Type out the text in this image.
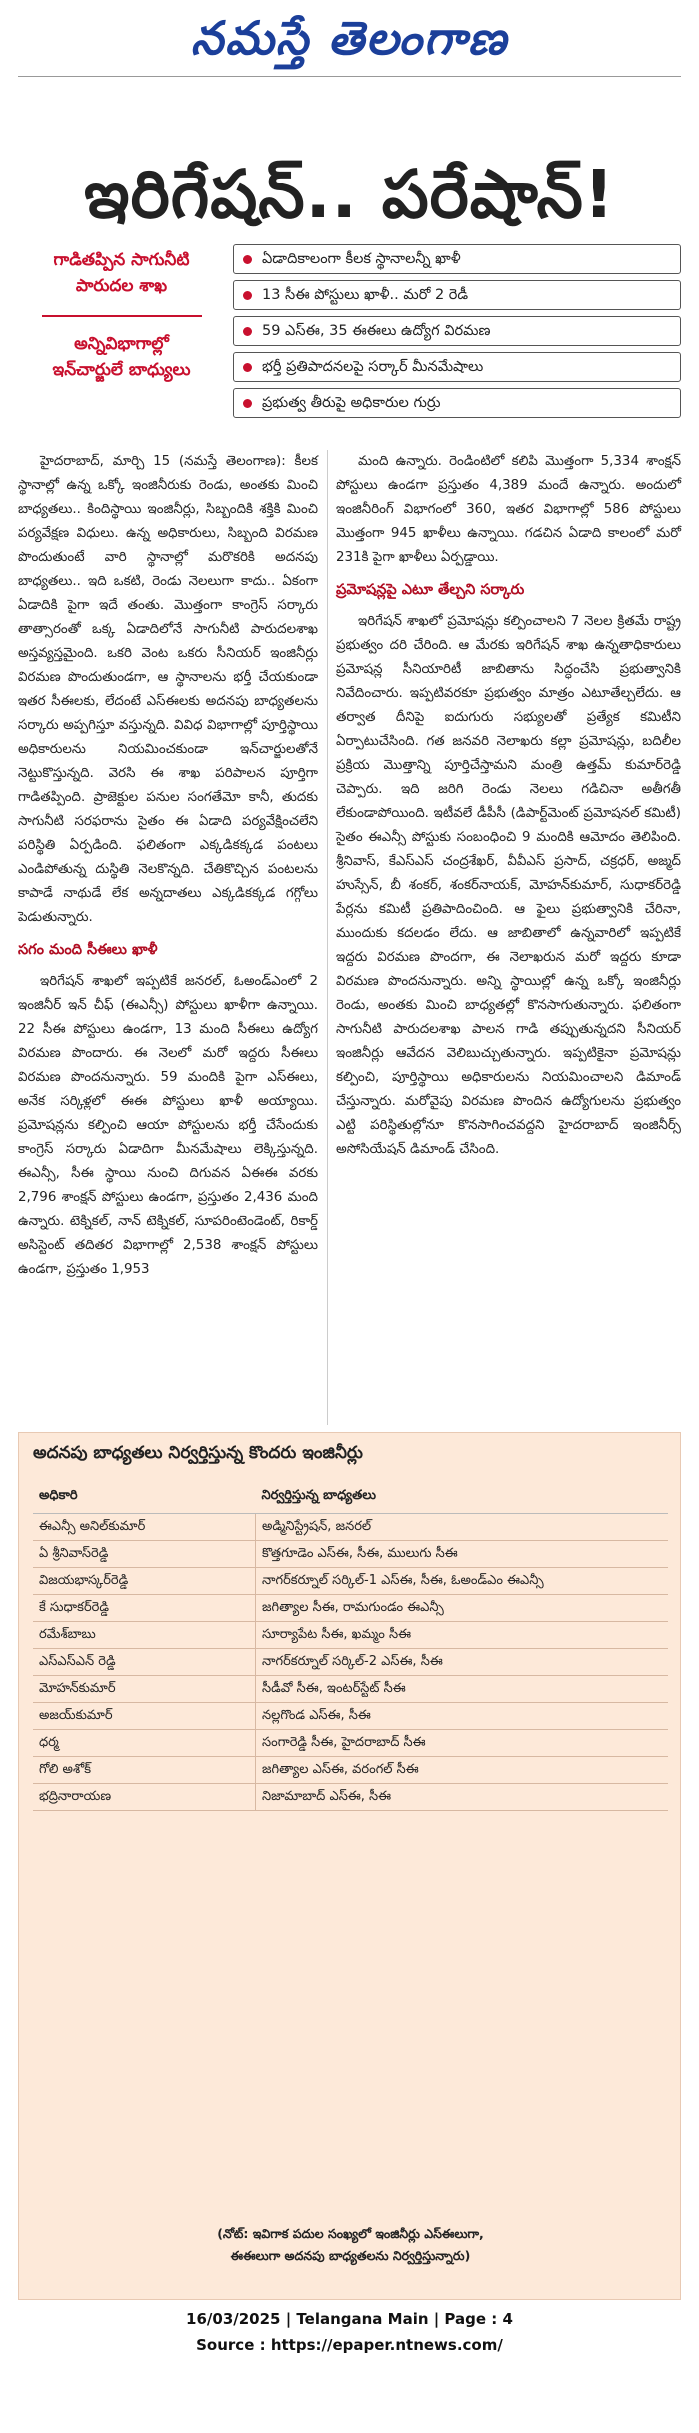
నమస్తే తెలంగాణ
ఇరిగేషన్.. పరేషాన్!
గాడితప్పిన సాగునీటి
పారుదల శాఖ
అన్నివిభాగాల్లో
ఇన్‌చార్జులే బాధ్యులు
ఏడాదికాలంగా కీలక స్థానాలన్నీ ఖాళీ
13 సీఈ పోస్టులు ఖాళీ.. మరో 2 రెడీ
59 ఎస్ఈ, 35 ఈఈలు ఉద్యోగ విరమణ
భర్తీ ప్రతిపాదనలపై సర్కార్ మీనమేషాలు
ప్రభుత్వ తీరుపై అధికారుల గుర్రు

హైదరాబాద్, మార్చి 15 (నమస్తే తెలంగాణ): కీలక స్థానాల్లో ఉన్న ఒక్కో ఇంజినీరుకు రెండు, అంతకు మించి బాధ్యతలు.. కిందిస్థాయి ఇంజినీర్లు, సిబ్బందికి శక్తికి మించి పర్యవేక్షణ విధులు. ఉన్న అధికారులు, సిబ్బంది విరమణ పొందుతుంటే వారి స్థానాల్లో మరొకరికి అదనపు బాధ్యతలు.. ఇది ఒకటి, రెండు నెలలుగా కాదు.. ఏకంగా ఏడాదికి పైగా ఇదే తంతు. మొత్తంగా కాంగ్రెస్ సర్కారు తాత్సారంతో ఒక్క ఏడాదిలోనే సాగునీటి పారుదలశాఖ అస్తవ్యస్తమైంది. ఒకరి వెంట ఒకరు సీనియర్ ఇంజినీర్లు విరమణ పొందుతుండగా, ఆ స్థానాలను భర్తీ చేయకుండా ఇతర సీఈలకు, లేదంటే ఎస్ఈలకు అదనపు బాధ్యతలను సర్కారు అప్పగిస్తూ వస్తున్నది. వివిధ విభాగాల్లో పూర్తిస్థాయి అధికారులను నియమించకుండా ఇన్‌చార్జులతోనే నెట్టుకొస్తున్నది. వెరసి ఈ శాఖ పరిపాలన పూర్తిగా గాడితప్పింది. ప్రాజెక్టుల పనుల సంగతేమో కానీ, తుదకు సాగునీటి సరఫరాను సైతం ఈ ఏడాది పర్యవేక్షించలేని పరిస్థితి ఏర్పడింది. ఫలితంగా ఎక్కడికక్కడ పంటలు ఎండిపోతున్న దుస్థితి నెలకొన్నది. చేతికొచ్చిన పంటలను కాపాడే నాథుడే లేక అన్నదాతలు ఎక్కడికక్కడ గగ్గోలు పెడుతున్నారు.

సగం మంది సీఈలు ఖాళీ

ఇరిగేషన్ శాఖలో ఇప్పటికే జనరల్, ఓఅండ్ఎంలో 2 ఇంజినీర్ ఇన్ చీఫ్ (ఈఎన్సీ) పోస్టులు ఖాళీగా ఉన్నాయి. 22 సీఈ పోస్టులు ఉండగా, 13 మంది సీఈలు ఉద్యోగ విరమణ పొందారు. ఈ నెలలో మరో ఇద్దరు సీఈలు విరమణ పొందనున్నారు. 59 మందికి పైగా ఎస్ఈలు, అనేక సర్కిళ్లలో ఈఈ పోస్టులు ఖాళీ అయ్యాయి. ప్రమోషన్లను కల్పించి ఆయా పోస్టులను భర్తీ చేసేందుకు కాంగ్రెస్ సర్కారు ఏడాదిగా మీనమేషాలు లెక్కిస్తున్నది. ఈఎన్సీ, సీఈ స్థాయి నుంచి దిగువన ఏఈఈ వరకు 2,796 శాంక్షన్ పోస్టులు ఉండగా, ప్రస్తుతం 2,436 మంది ఉన్నారు. టెక్నికల్, నాన్ టెక్నికల్, సూపరింటెండెంట్, రికార్డ్ అసిస్టెంట్ తదితర విభాగాల్లో 2,538 శాంక్షన్ పోస్టులు ఉండగా, ప్రస్తుతం 1,953

మంది ఉన్నారు. రెండింటిలో కలిపి మొత్తంగా 5,334 శాంక్షన్ పోస్టులు ఉండగా ప్రస్తుతం 4,389 మందే ఉన్నారు. అందులో ఇంజినీరింగ్ విభాగంలో 360, ఇతర విభాగాల్లో 586 పోస్టులు మొత్తంగా 945 ఖాళీలు ఉన్నాయి. గడచిన ఏడాది కాలంలో మరో 231కి పైగా ఖాళీలు ఏర్పడ్డాయి.

ప్రమోషన్లపై ఎటూ తేల్చని సర్కారు

ఇరిగేషన్ శాఖలో ప్రమోషన్లు కల్పించాలని 7 నెలల క్రితమే రాష్ట్ర ప్రభుత్వం దరి చేరింది. ఆ మేరకు ఇరిగేషన్ శాఖ ఉన్నతాధికారులు ప్రమోషన్ల సీనియారిటీ జాబితాను సిద్ధంచేసి ప్రభుత్వానికి నివేదించారు. ఇప్పటివరకూ ప్రభుత్వం మాత్రం ఎటూతేల్చలేదు. ఆ తర్వాత దీనిపై ఐదుగురు సభ్యులతో ప్రత్యేక కమిటీని ఏర్పాటుచేసింది. గత జనవరి నెలాఖరు కల్లా ప్రమోషన్లు, బదిలీల ప్రక్రియ మొత్తాన్ని పూర్తిచేస్తామని మంత్రి ఉత్తమ్ కుమార్‌రెడ్డి చెప్పారు. ఇది జరిగి రెండు నెలలు గడిచినా అతీగతీ లేకుండాపోయింది. ఇటీవలే డీపీసీ (డిపార్ట్‌మెంట్ ప్రమోషనల్ కమిటీ) సైతం ఈఎన్సీ పోస్టుకు సంబంధించి 9 మందికి ఆమోదం తెలిపింది. శ్రీనివాస్, కేఎస్ఎస్ చంద్రశేఖర్, వీవీఎస్ ప్రసాద్, చక్రధర్, అజ్మద్ హుస్సేన్, బీ శంకర్, శంకర్‌నాయక్, మోహన్‌కుమార్, సుధాకర్‌రెడ్డి పేర్లను కమిటీ ప్రతిపాదించింది. ఆ ఫైలు ప్రభుత్వానికి చేరినా, ముందుకు కదలడం లేదు. ఆ జాబితాలో ఉన్నవారిలో ఇప్పటికే ఇద్దరు విరమణ పొందగా, ఈ నెలాఖరున మరో ఇద్దరు కూడా విరమణ పొందనున్నారు. అన్ని స్థాయిల్లో ఉన్న ఒక్కో ఇంజినీర్లు రెండు, అంతకు మించి బాధ్యతల్లో కొనసాగుతున్నారు. ఫలితంగా సాగునీటి పారుదలశాఖ పాలన గాడి తప్పుతున్నదని సీనియర్ ఇంజినీర్లు ఆవేదన వెలిబుచ్చుతున్నారు. ఇప్పటికైనా ప్రమోషన్లు కల్పించి, పూర్తిస్థాయి అధికారులను నియమించాలని డిమాండ్ చేస్తున్నారు. మరోవైపు విరమణ పొందిన ఉద్యోగులను ప్రభుత్వం ఎట్టి పరిస్థితుల్లోనూ కొనసాగించవద్దని హైదరాబాద్ ఇంజినీర్స్ అసోసియేషన్ డిమాండ్ చేసింది.

అదనపు బాధ్యతలు నిర్వర్తిస్తున్న కొందరు ఇంజినీర్లు
అధికారి	నిర్వర్తిస్తున్న బాధ్యతలు
ఈఎన్సీ అనిల్‌కుమార్	అడ్మినిస్ట్రేషన్, జనరల్
ఏ శ్రీనివాస్‌రెడ్డి	కొత్తగూడెం ఎస్ఈ, సీఈ, ములుగు సీఈ
విజయభాస్కర్‌రెడ్డి	నాగర్‌కర్నూల్ సర్కిల్-1 ఎస్ఈ, సీఈ, ఓఅండ్ఎం ఈఎన్సీ
కే సుధాకర్‌రెడ్డి	జగిత్యాల సీఈ, రామగుండం ఈఎన్సీ
రమేశ్‌బాబు	సూర్యాపేట సీఈ, ఖమ్మం సీఈ
ఎస్ఎస్ఎన్ రెడ్డి	నాగర్‌కర్నూల్ సర్కిల్-2 ఎస్ఈ, సీఈ
మోహన్‌కుమార్	సీడీవో సీఈ, ఇంటర్‌స్టేట్ సీఈ
అజయ్‌కుమార్	నల్లగొండ ఎస్ఈ, సీఈ
ధర్మ	సంగారెడ్డి సీఈ, హైదరాబాద్ సీఈ
గోలి అశోక్	జగిత్యాల ఎస్ఈ, వరంగల్ సీఈ
భద్రినారాయణ	నిజామాబాద్ ఎస్ఈ, సీఈ
(నోట్: ఇవిగాక పదుల సంఖ్యలో ఇంజినీర్లు ఎస్ఈలుగా,
ఈఈలుగా అదనపు బాధ్యతలను నిర్వర్తిస్తున్నారు)
16/03/2025 | Telangana Main | Page : 4
Source : https://epaper.ntnews.com/
